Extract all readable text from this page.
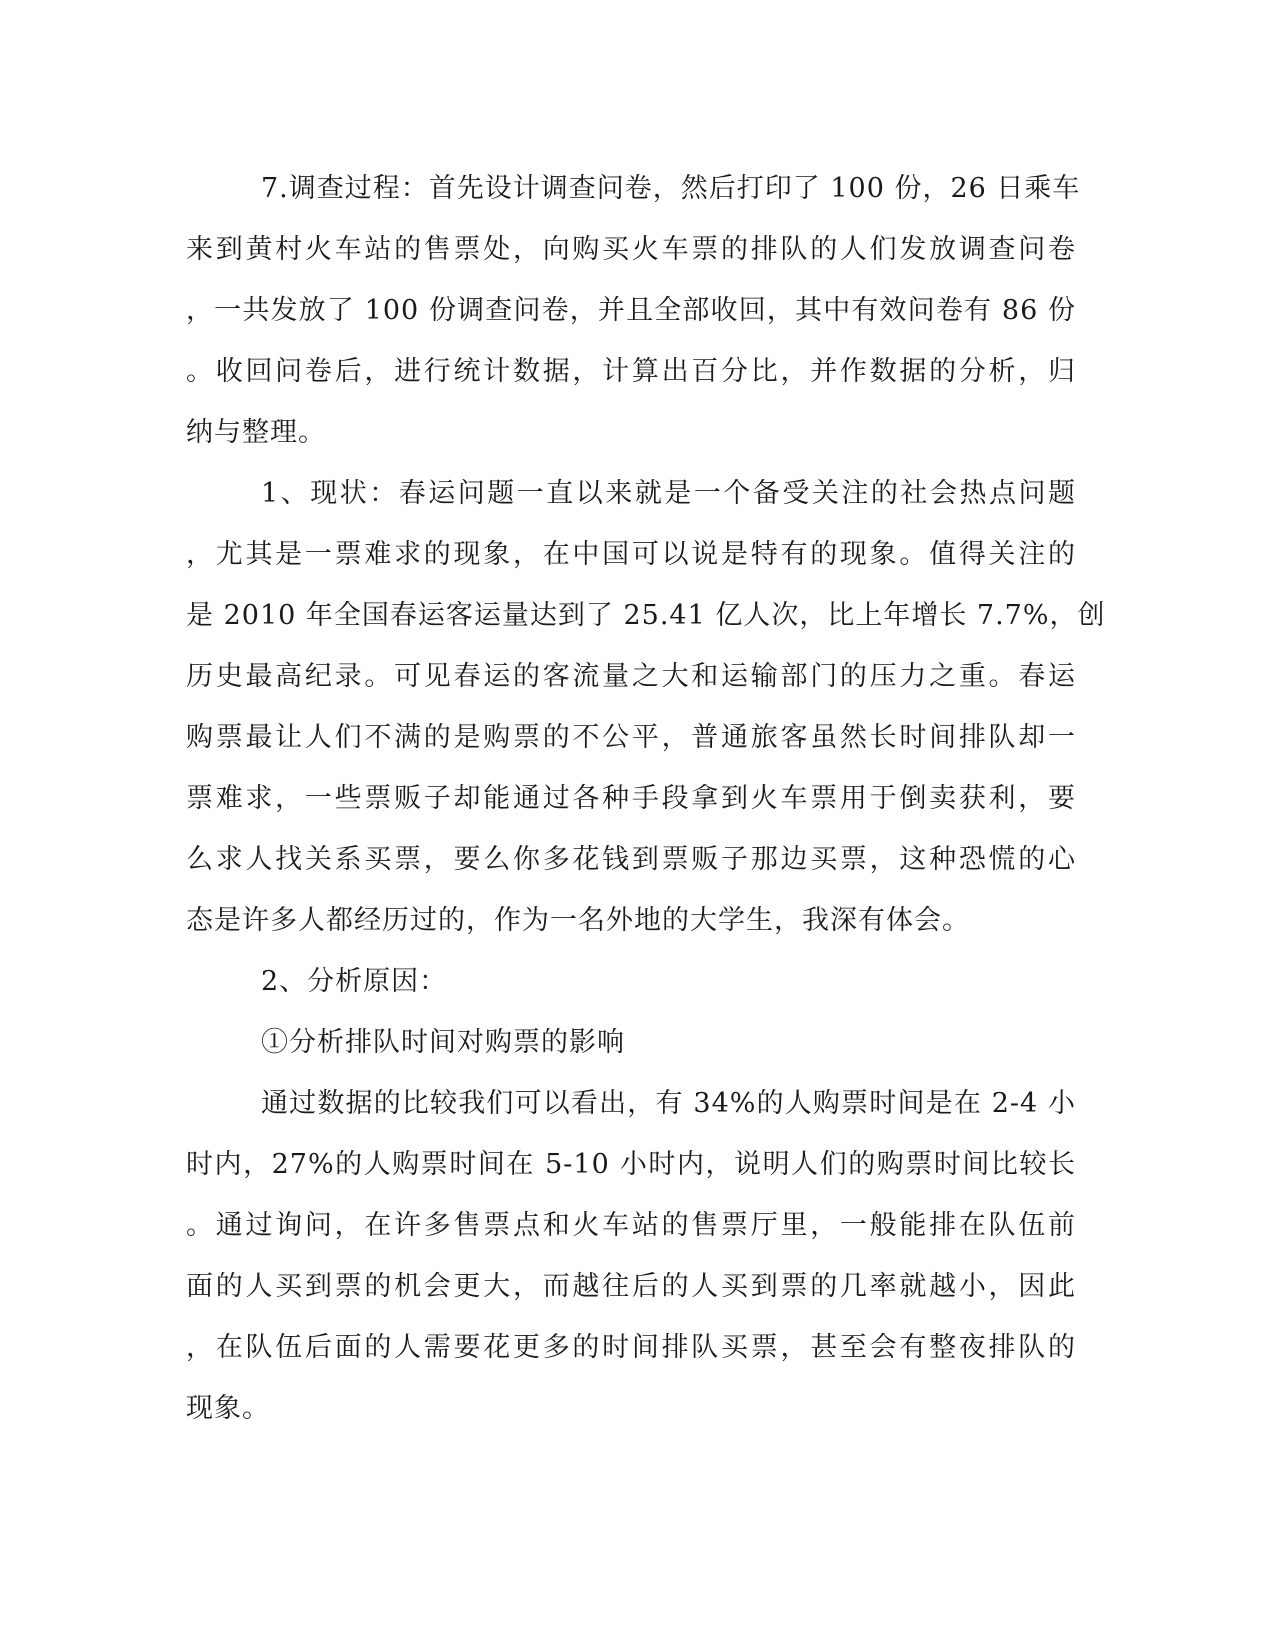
7.调查过程：首先设计调查问卷，然后打印了 100 份，26 日乘车
来到黄村火车站的售票处，向购买火车票的排队的人们发放调查问卷
，一共发放了 100 份调查问卷，并且全部收回，其中有效问卷有 86 份
。收回问卷后，进行统计数据，计算出百分比，并作数据的分析，归
纳与整理。
1、现状：春运问题一直以来就是一个备受关注的社会热点问题
，尤其是一票难求的现象，在中国可以说是特有的现象。值得关注的
是 2010 年全国春运客运量达到了 25.41 亿人次，比上年增长 7.7%，创
历史最高纪录。可见春运的客流量之大和运输部门的压力之重。春运
购票最让人们不满的是购票的不公平，普通旅客虽然长时间排队却一
票难求，一些票贩子却能通过各种手段拿到火车票用于倒卖获利，要
么求人找关系买票，要么你多花钱到票贩子那边买票，这种恐慌的心
态是许多人都经历过的，作为一名外地的大学生，我深有体会。
2、分析原因：
①分析排队时间对购票的影响
通过数据的比较我们可以看出，有 34%的人购票时间是在 2-4 小
时内，27%的人购票时间在 5-10 小时内，说明人们的购票时间比较长
。通过询问，在许多售票点和火车站的售票厅里，一般能排在队伍前
面的人买到票的机会更大，而越往后的人买到票的几率就越小，因此
，在队伍后面的人需要花更多的时间排队买票，甚至会有整夜排队的
现象。
